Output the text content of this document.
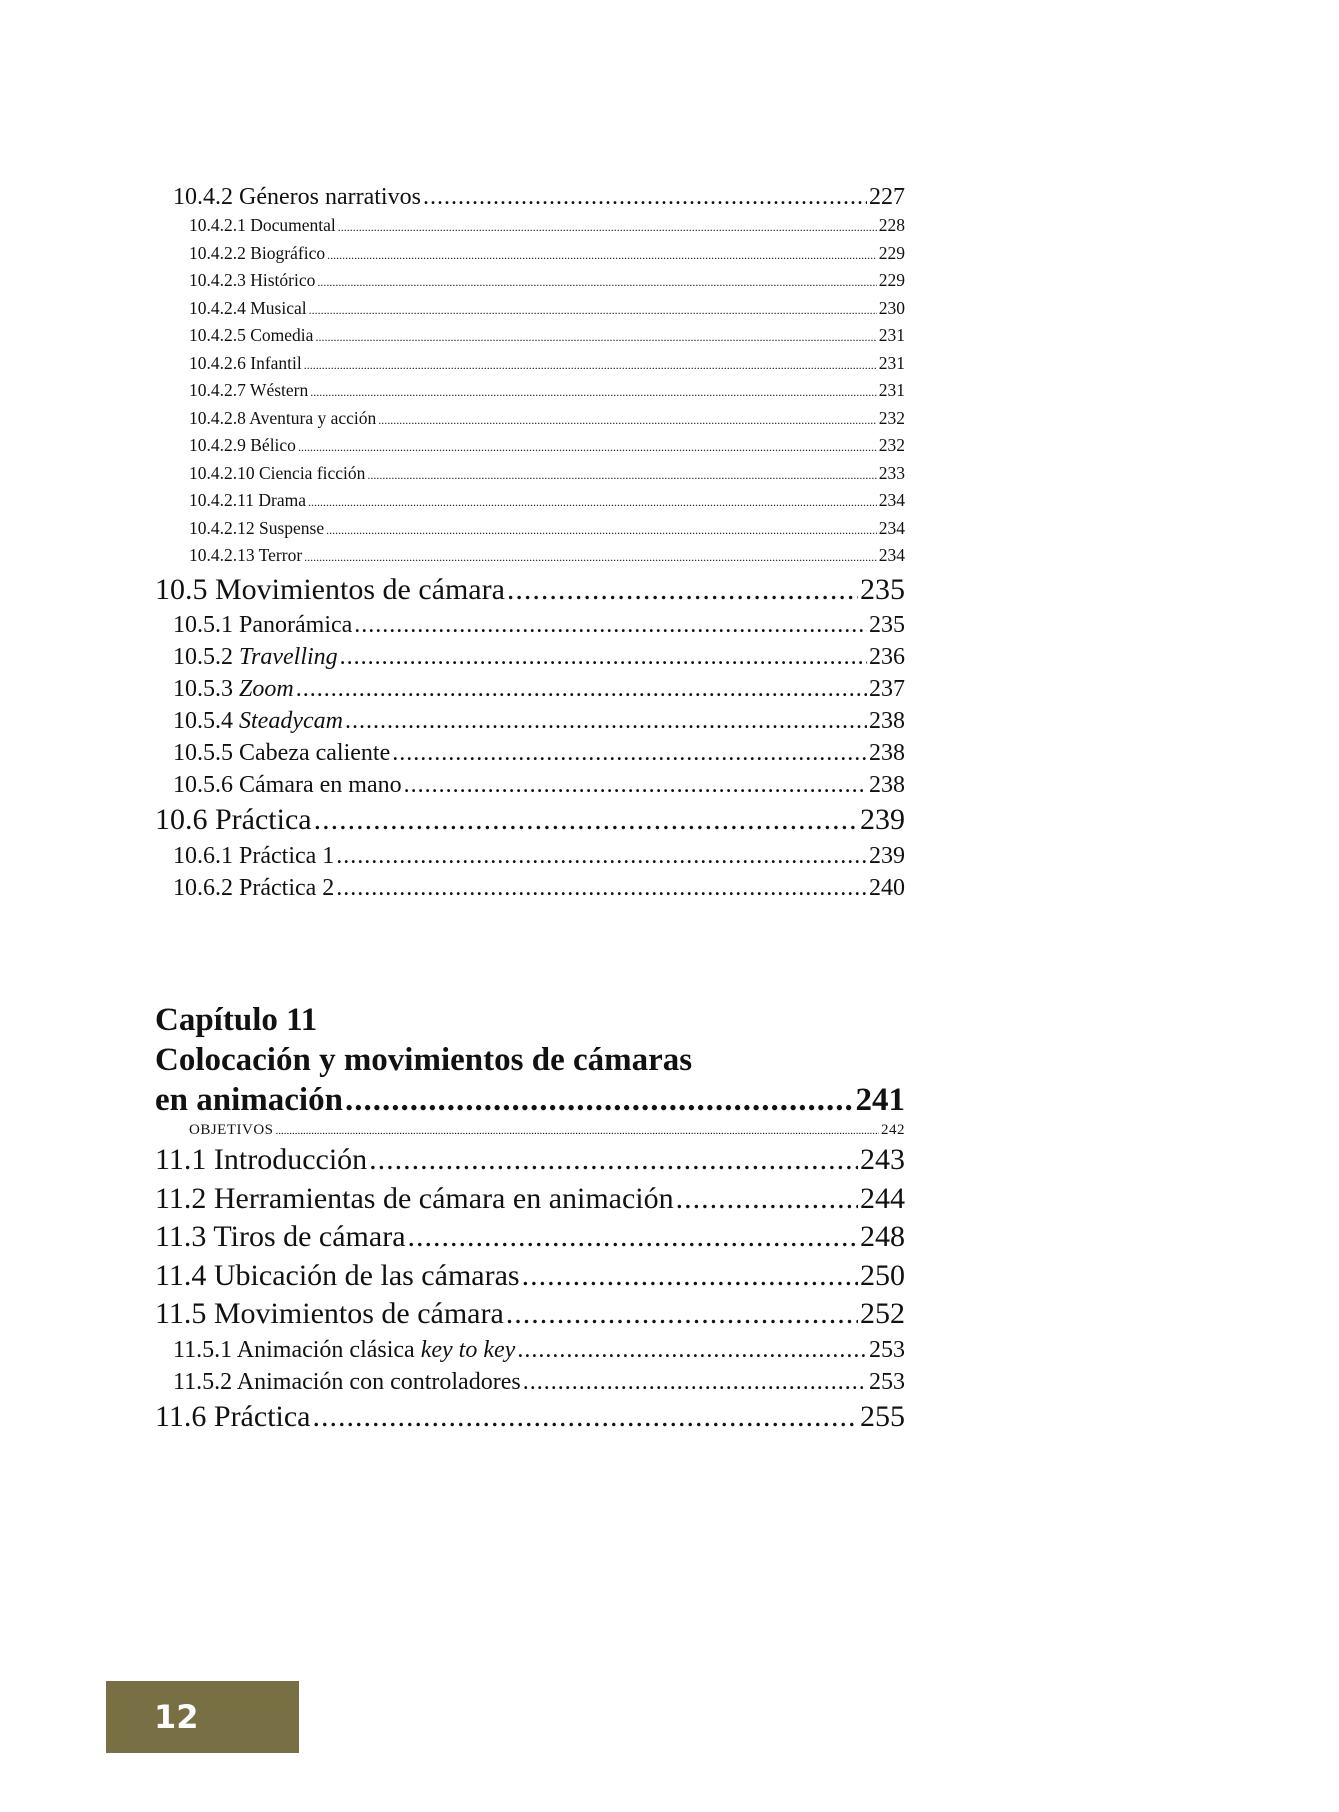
10.4.2 Géneros narrativos .....	227
10.4.2.1 Documental .....	228
10.4.2.2 Biográfico .....	229
10.4.2.3 Histórico .....	229
10.4.2.4 Musical .....	230
10.4.2.5 Comedia .....	231
10.4.2.6 Infantil .....	231
10.4.2.7 Wéstern .....	231
10.4.2.8 Aventura y acción .....	232
10.4.2.9 Bélico .....	232
10.4.2.10 Ciencia ficción .....	233
10.4.2.11 Drama .....	234
10.4.2.12 Suspense .....	234
10.4.2.13 Terror .....	234
10.5 Movimientos de cámara .....	235
10.5.1 Panorámica .....	235
10.5.2 Travelling .....	236
10.5.3 Zoom .....	237
10.5.4 Steadycam .....	238
10.5.5 Cabeza caliente .....	238
10.5.6 Cámara en mano .....	238
10.6 Práctica .....	239
10.6.1 Práctica 1 .....	239
10.6.2 Práctica 2 .....	240
Capítulo 11
Colocación y movimientos de cámaras
en animación .....	241
OBJETIVOS .....	242
11.1 Introducción .....	243
11.2 Herramientas de cámara en animación .....	244
11.3 Tiros de cámara .....	248
11.4 Ubicación de las cámaras .....	250
11.5 Movimientos de cámara .....	252
11.5.1 Animación clásica key to key .....	253
11.5.2 Animación con controladores .....	253
11.6 Práctica .....	255
12
